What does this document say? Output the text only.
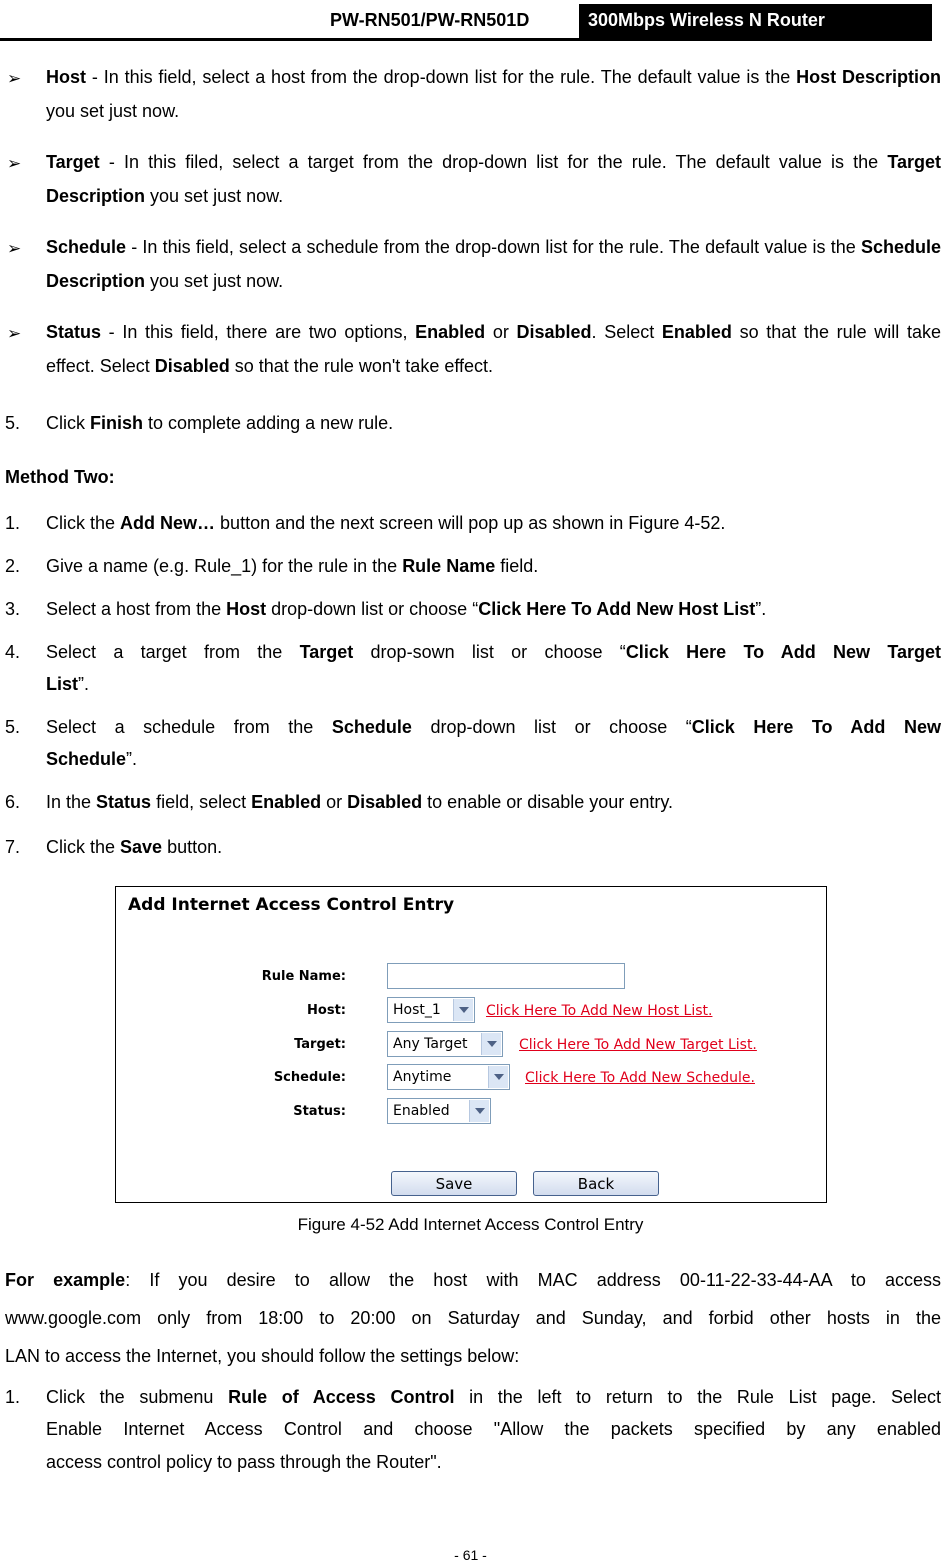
PW-RN501/PW-RN501D	300Mbps Wireless N Router
➢ Host - In this field, select a host from the drop-down list for the rule. The default value is the Host Description you set just now.
➢ Target - In this filed, select a target from the drop-down list for the rule. The default value is the Target Description you set just now.
➢ Schedule - In this field, select a schedule from the drop-down list for the rule. The default value is the Schedule Description you set just now.
➢ Status - In this field, there are two options, Enabled or Disabled. Select Enabled so that the rule will take effect. Select Disabled so that the rule won't take effect.
5. Click Finish to complete adding a new rule.
Method Two:
1. Click the Add New… button and the next screen will pop up as shown in Figure 4-52.
2. Give a name (e.g. Rule_1) for the rule in the Rule Name field.
3. Select a host from the Host drop-down list or choose “Click Here To Add New Host List”.
4. Select a target from the Target drop-sown list or choose “Click Here To Add New Target
List”.
5. Select a schedule from the Schedule drop-down list or choose “Click Here To Add New
Schedule”.
6. In the Status field, select Enabled or Disabled to enable or disable your entry.
7. Click the Save button.
Add Internet Access Control Entry
Rule Name:
Host:	Host_1	Click Here To Add New Host List.
Target:	Any Target	Click Here To Add New Target List.
Schedule:	Anytime	Click Here To Add New Schedule.
Status:	Enabled
Save	Back
Figure 4-52 Add Internet Access Control Entry
For example: If you desire to allow the host with MAC address 00-11-22-33-44-AA to access
www.google.com only from 18:00 to 20:00 on Saturday and Sunday, and forbid other hosts in the
LAN to access the Internet, you should follow the settings below:
1. Click the submenu Rule of Access Control in the left to return to the Rule List page. Select
Enable Internet Access Control and choose "Allow the packets specified by any enabled
access control policy to pass through the Router".
- 61 -
